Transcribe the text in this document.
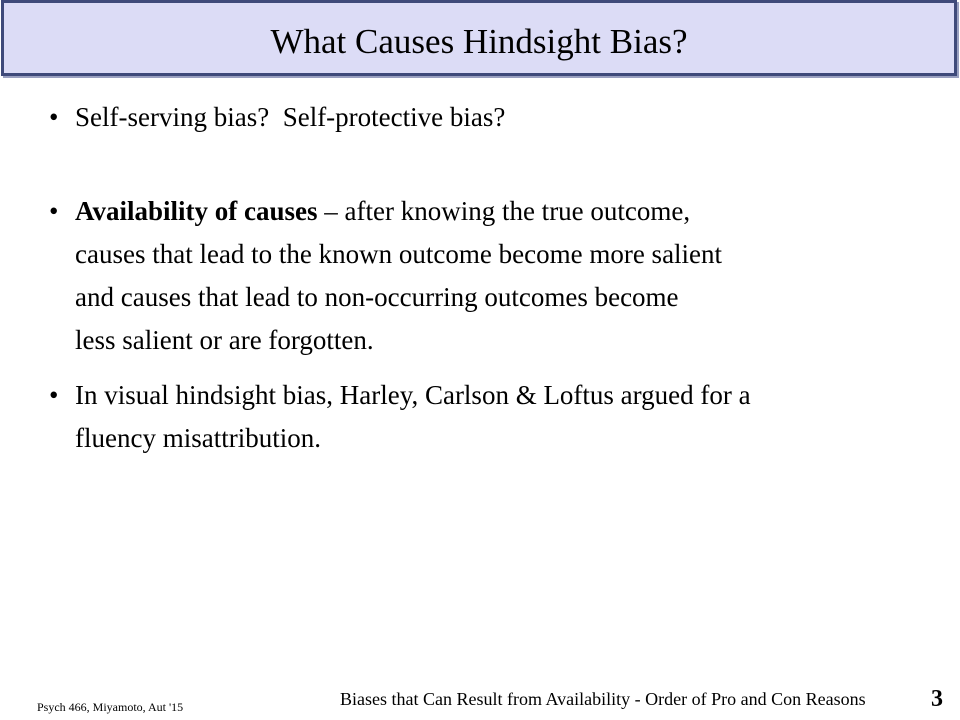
What Causes Hindsight Bias?
• Self-serving bias?  Self-protective bias?
• Availability of causes – after knowing the true outcome,
causes that lead to the known outcome become more salient
and causes that lead to non-occurring outcomes become
less salient or are forgotten.
• In visual hindsight bias, Harley, Carlson & Loftus argued for a
fluency misattribution.
Psych 466, Miyamoto, Aut '15	Biases that Can Result from Availability - Order of Pro and Con Reasons	3
